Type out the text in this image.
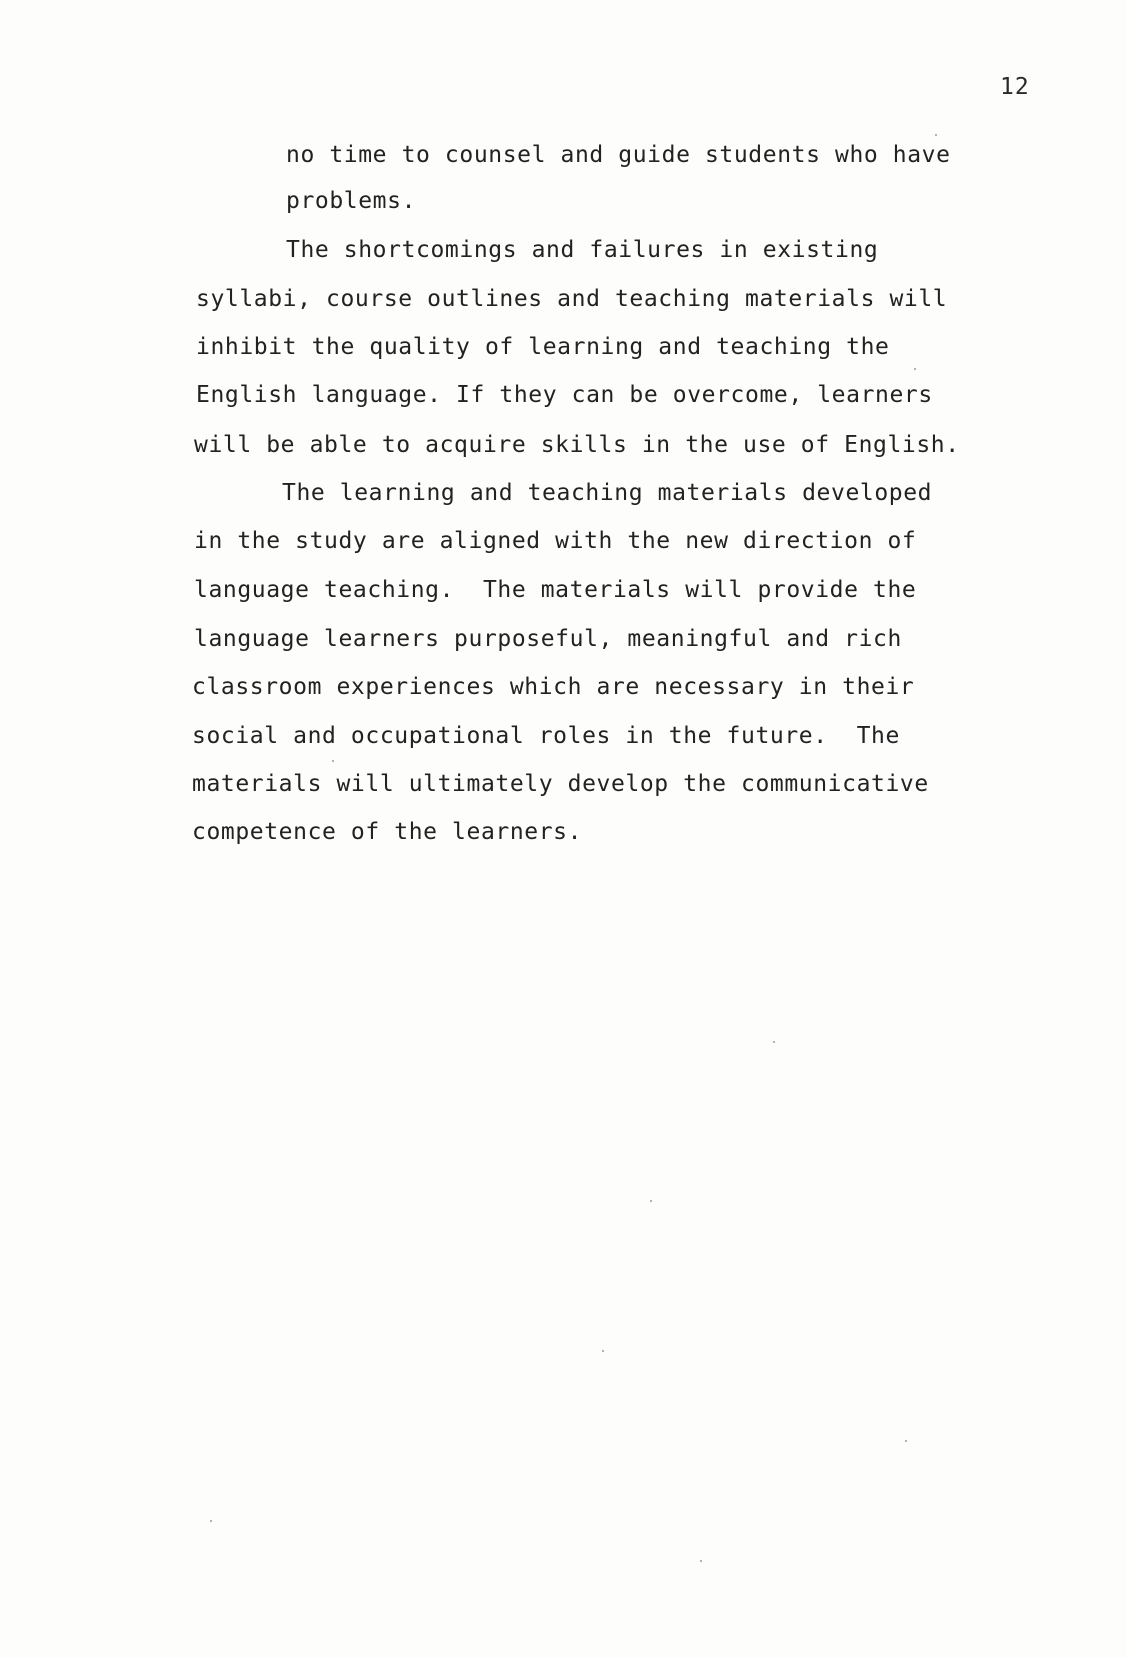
12
no time to counsel and guide students who have
problems.
The shortcomings and failures in existing
syllabi, course outlines and teaching materials will
inhibit the quality of learning and teaching the
English language. If they can be overcome, learners
will be able to acquire skills in the use of English.
The learning and teaching materials developed
in the study are aligned with the new direction of
language teaching.  The materials will provide the
language learners purposeful, meaningful and rich
classroom experiences which are necessary in their
social and occupational roles in the future.  The
materials will ultimately develop the communicative
competence of the learners.
